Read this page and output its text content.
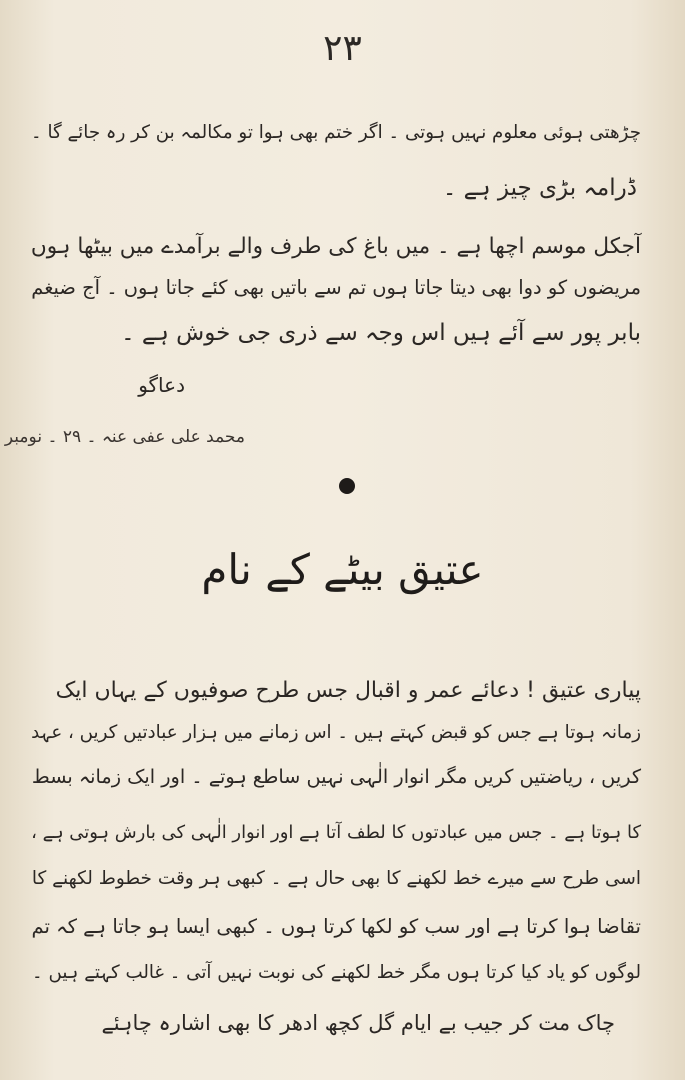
٢٣
چڑھتی ہوئی معلوم نہیں ہوتی ۔ اگر ختم بھی ہوا تو مکالمہ بن کر رہ جائے گا ۔
ڈرامہ بڑی چیز ہے ۔
آجکل موسم اچھا ہے ۔ میں باغ کی طرف والے برآمدے میں بیٹھا ہوں
مریضوں کو دوا بھی دیتا جاتا ہوں تم سے باتیں بھی کئے جاتا ہوں ۔ آج ضیغم
بابر پور سے آئے ہیں اس وجہ سے ذری جی خوش ہے ۔
دعاگو
محمد علی عفی عنہ ۔ ۲۹ ۔ نومبر
عتیق بیٹے کے نام
پیاری عتیق ! دعائے عمر و اقبال جس طرح صوفیوں کے یہاں ایک
زمانہ ہوتا ہے جس کو قبض کہتے ہیں ۔ اس زمانے میں ہزار عبادتیں کریں ، عہد
کریں ، ریاضتیں کریں مگر انوار الٰہی نہیں ساطع ہوتے ۔ اور ایک زمانہ بسط
کا ہوتا ہے ۔ جس میں عبادتوں کا لطف آتا ہے اور انوار الٰہی کی بارش ہوتی ہے ،
اسی طرح سے میرے خط لکھنے کا بھی حال ہے ۔ کبھی ہر وقت خطوط لکھنے کا
تقاضا ہوا کرتا ہے اور سب کو لکھا کرتا ہوں ۔ کبھی ایسا ہو جاتا ہے کہ تم
لوگوں کو یاد کیا کرتا ہوں مگر خط لکھنے کی نوبت نہیں آتی ۔ غالب کہتے ہیں ۔
چاک مت کر جیب بے ایام گل کچھ ادھر کا بھی اشارہ چاہئے
